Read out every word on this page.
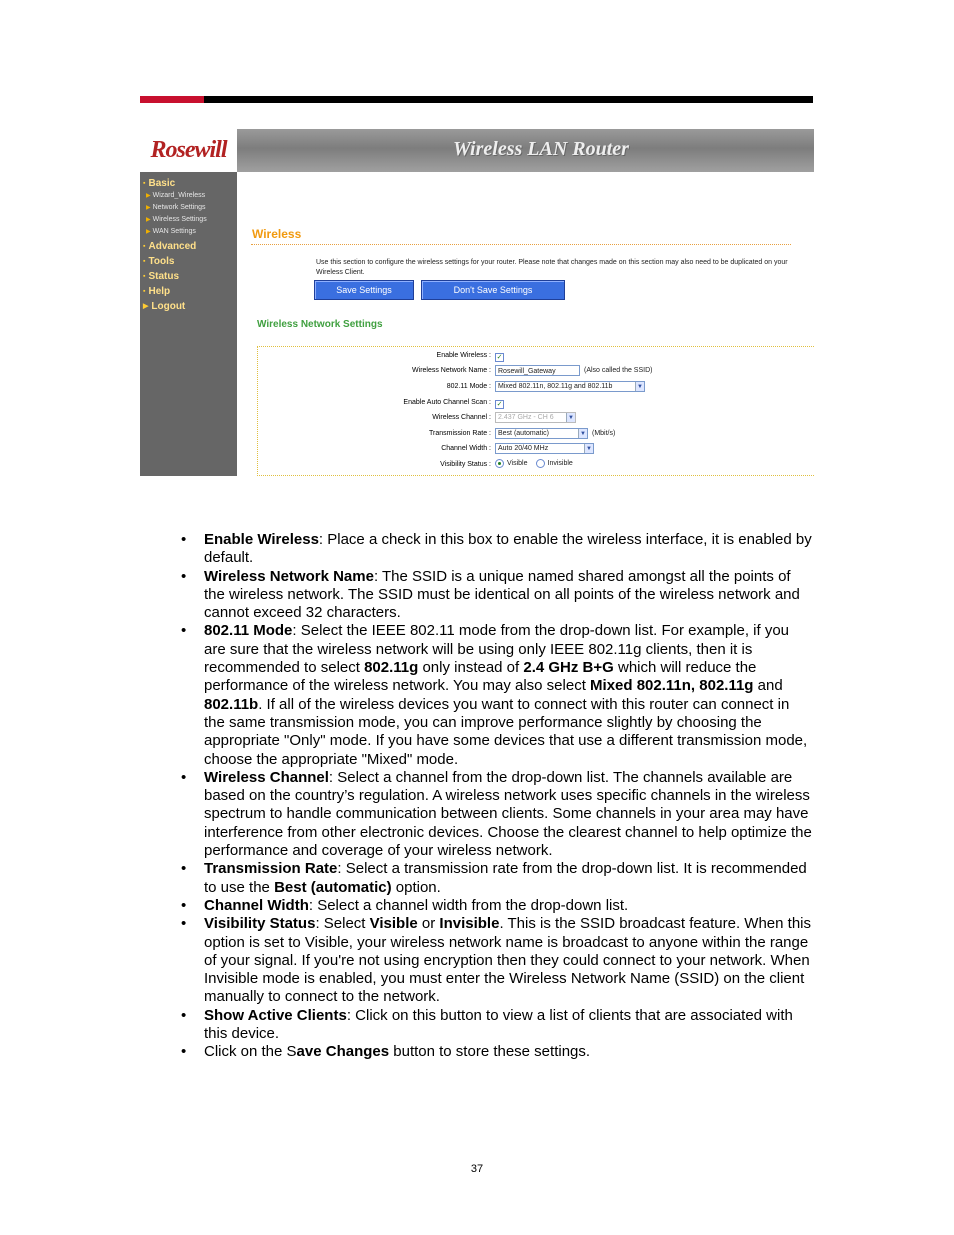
Rosewill	Wireless LAN Router
▪ Basic
▶ Wizard_Wireless
▶ Network Settings
▶ Wireless Settings
▶ WAN Settings
▪ Advanced
▪ Tools
▪ Status
▪ Help
▶ Logout
Wireless
Use this section to configure the wireless settings for your router. Please note that changes made on this section may also need to be duplicated on your Wireless Client.
Save Settings	Don't Save Settings
Wireless Network Settings
Enable Wireless : ✓
Wireless Network Name :	Rosewill_Gateway	(Also called the SSID)
802.11 Mode : Mixed 802.11n, 802.11g and 802.11b	▼
Enable Auto Channel Scan : ✓
Wireless Channel : 2.437 GHz - CH 6	▼
Transmission Rate : Best (automatic)	▼ (Mbit/s)
Channel Width : Auto 20/40 MHz	▼
Visibility Status : Visible	Invisible
• Enable Wireless: Place a check in this box to enable the wireless interface, it is enabled by default.
• Wireless Network Name: The SSID is a unique named shared amongst all the points of the wireless network. The SSID must be identical on all points of the wireless network and cannot exceed 32 characters.
• 802.11 Mode: Select the IEEE 802.11 mode from the drop-down list. For example, if you are sure that the wireless network will be using only IEEE 802.11g clients, then it is recommended to select 802.11g only instead of 2.4 GHz B+G which will reduce the performance of the wireless network. You may also select Mixed 802.11n, 802.11g and 802.11b. If all of the wireless devices you want to connect with this router can connect in the same transmission mode, you can improve performance slightly by choosing the appropriate "Only" mode. If you have some devices that use a different transmission mode, choose the appropriate "Mixed" mode.
• Wireless Channel: Select a channel from the drop-down list. The channels available are based on the country’s regulation. A wireless network uses specific channels in the wireless spectrum to handle communication between clients. Some channels in your area may have interference from other electronic devices. Choose the clearest channel to help optimize the performance and coverage of your wireless network.
• Transmission Rate: Select a transmission rate from the drop-down list. It is recommended to use the Best (automatic) option.
• Channel Width: Select a channel width from the drop-down list.
• Visibility Status: Select Visible or Invisible. This is the SSID broadcast feature. When this option is set to Visible, your wireless network name is broadcast to anyone within the range of your signal. If you're not using encryption then they could connect to your network. When Invisible mode is enabled, you must enter the Wireless Network Name (SSID) on the client manually to connect to the network.
• Show Active Clients: Click on this button to view a list of clients that are associated with this device.
• Click on the Save Changes button to store these settings.
37
